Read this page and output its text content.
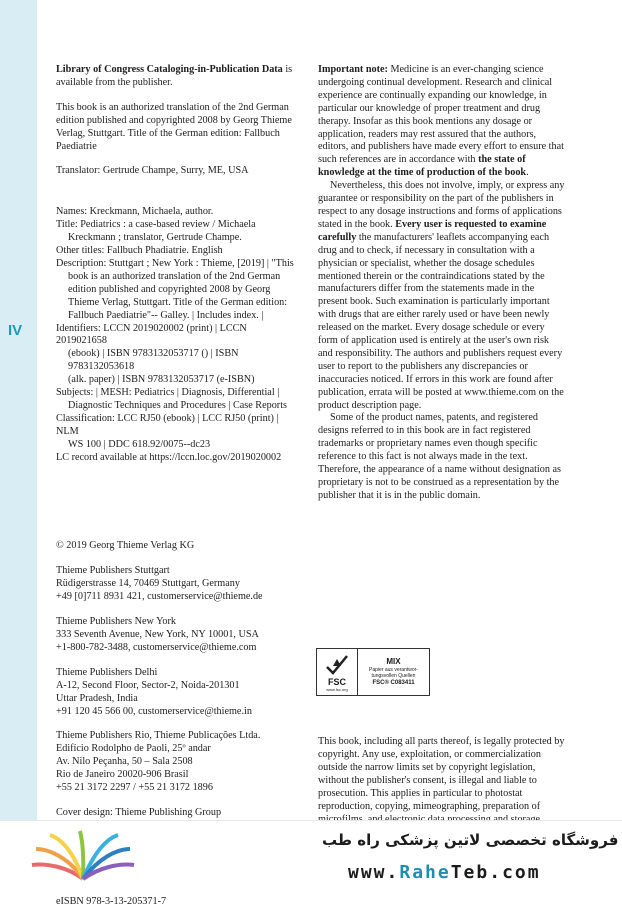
IV

Library of Congress Cataloging-in-Publication Data is available from the publisher.

This book is an authorized translation of the 2nd German edition published and copyrighted 2008 by Georg Thieme Verlag, Stuttgart. Title of the German edition: Fallbuch Paediatrie

Translator: Gertrude Champe, Surry, ME, USA

Names: Kreckmann, Michaela, author.

Title: Pediatrics : a case-based review / Michaela

Kreckmann ; translator, Gertrude Champe.

Other titles: Fallbuch Phadiatrie. English

Description: Stuttgart ; New York : Thieme, [2019] | "This

book is an authorized translation of the 2nd German

edition published and copyrighted 2008 by Georg

Thieme Verlag, Stuttgart. Title of the German edition:

Fallbuch Paediatrie"-- Galley. | Includes index. |

Identifiers: LCCN 2019020002 (print) | LCCN 2019021658

(ebook) | ISBN 9783132053717 () | ISBN 9783132053618

(alk. paper) | ISBN 9783132053717 (e-ISBN)

Subjects: | MESH: Pediatrics | Diagnosis, Differential |

Diagnostic Techniques and Procedures | Case Reports

Classification: LCC RJ50 (ebook) | LCC RJ50 (print) | NLM

WS 100 | DDC 618.92/0075--dc23

LC record available at https://lccn.loc.gov/2019020002

© 2019 Georg Thieme Verlag KG

Thieme Publishers Stuttgart

Rüdigerstrasse 14, 70469 Stuttgart, Germany

+49 [0]711 8931 421, customerservice@thieme.de

Thieme Publishers New York

333 Seventh Avenue, New York, NY 10001, USA

+1-800-782-3488, customerservice@thieme.com

Thieme Publishers Delhi

A-12, Second Floor, Sector-2, Noida-201301

Uttar Pradesh, India

+91 120 45 566 00, customerservice@thieme.in

Thieme Publishers Rio, Thieme Publicações Ltda.

Edifício Rodolpho de Paoli, 25º andar

Av. Nilo Peçanha, 50 – Sala 2508

Rio de Janeiro 20020-906 Brasil

+55 21 3172 2297 / +55 21 3172 1896

Cover design: Thieme Publishing Group

eISBN 978-3-13-205371-7

Important note: Medicine is an ever-changing science undergoing continual development. Research and clinical experience are continually expanding our knowledge, in particular our knowledge of proper treatment and drug therapy. Insofar as this book mentions any dosage or application, readers may rest assured that the authors, editors, and publishers have made every effort to ensure that such references are in accordance with the state of knowledge at the time of production of the book.

Nevertheless, this does not involve, imply, or express any guarantee or responsibility on the part of the publishers in respect to any dosage instructions and forms of applications stated in the book. Every user is requested to examine carefully the manufacturers' leaflets accompanying each drug and to check, if necessary in consultation with a physician or specialist, whether the dosage schedules mentioned therein or the contraindications stated by the manufacturers differ from the statements made in the present book. Such examination is particularly important with drugs that are either rarely used or have been newly released on the market. Every dosage schedule or every form of application used is entirely at the user's own risk and responsibility. The authors and publishers request every user to report to the publishers any discrepancies or inaccuracies noticed. If errors in this work are found after publication, errata will be posted at www.thieme.com on the product description page.

Some of the product names, patents, and registered designs referred to in this book are in fact registered trademarks or proprietary names even though specific reference to this fact is not always made in the text. Therefore, the appearance of a name without designation as proprietary is not to be construed as a representation by the publisher that it is in the public domain.

FSC
www.fsc.org
MIX
Papier aus verantwor-
tungsvollen Quellen
FSC® C083411

This book, including all parts thereof, is legally protected by copyright. Any use, exploitation, or commercialization outside the narrow limits set by copyright legislation, without the publisher's consent, is illegal and liable to prosecution. This applies in particular to photostat reproduction, copying, mimeographing, preparation of

فروشگاه تخصصی لاتین پزشکی راه طب
www.RaheTeb.com
